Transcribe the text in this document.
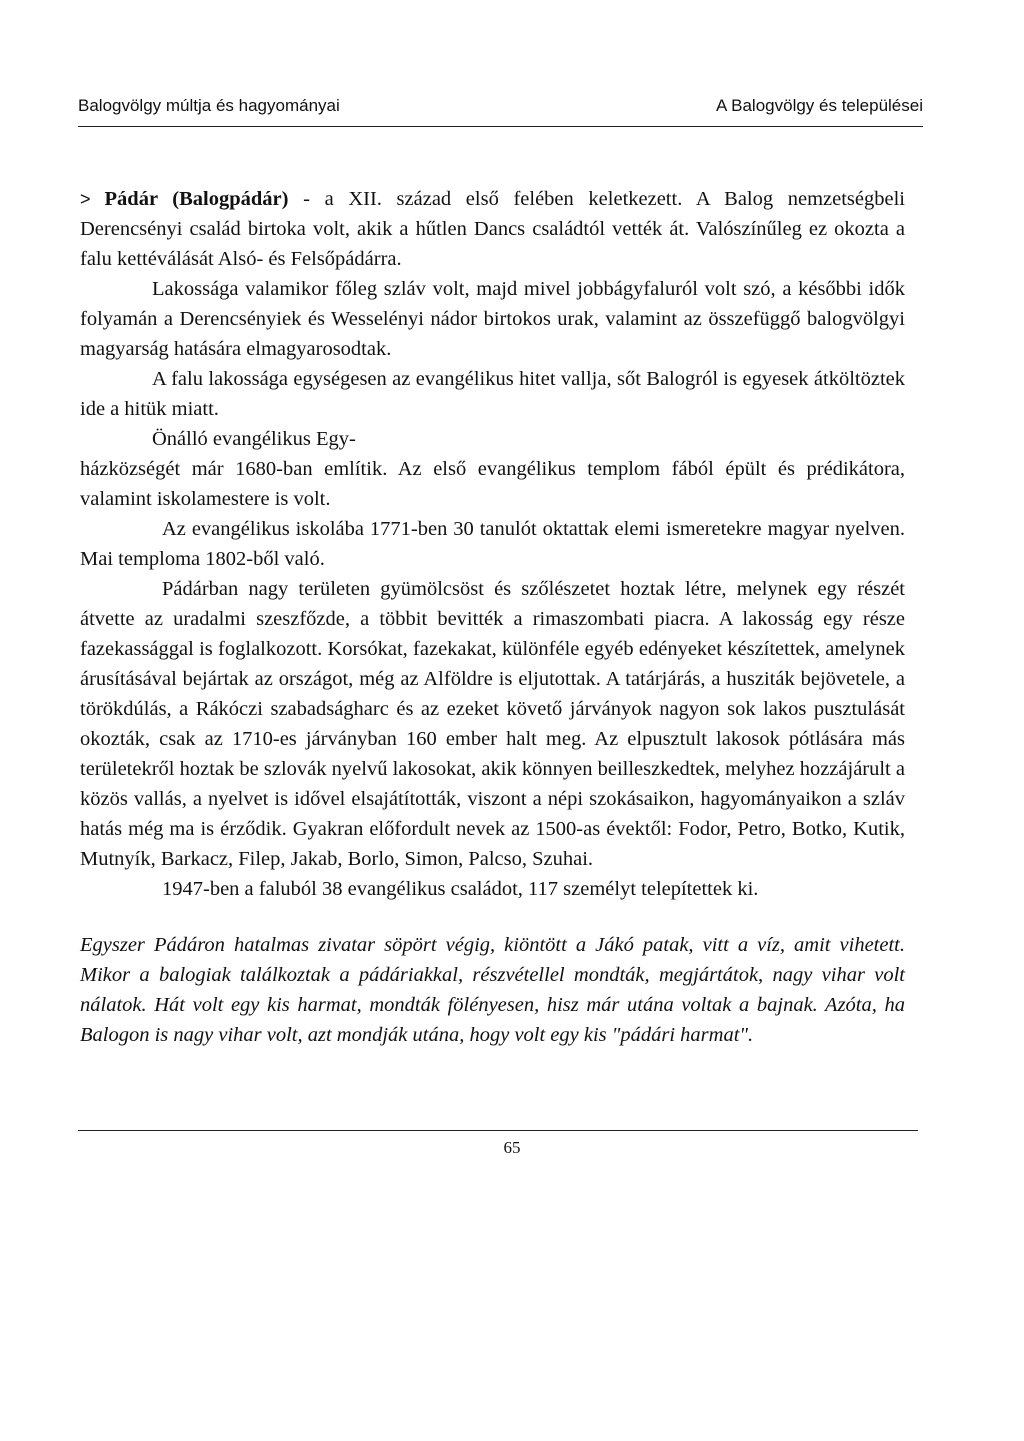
Balogvölgy múltja és hagyományai	A Balogvölgy és települései

> Pádár (Balogpádár) - a XII. század első felében keletkezett. A Balog nemzetségbeli Derencsényi család birtoka volt, akik a hűtlen Dancs családtól vették át. Valószínűleg ez okozta a falu kettéválását Alsó- és Felsőpádárra.

Lakossága valamikor főleg szláv volt, majd mivel jobbágyfaluról volt szó, a későbbi idők folyamán a Derencsényiek és Wesselényi nádor birtokos urak, valamint az összefüggő balogvölgyi magyarság hatására elmagyarosodtak.

A falu lakossága egységesen az evangélikus hitet vallja, sőt Balogról is egyesek átköltöztek ide a hitük miatt.

Önálló evangélikus Egy-

házközségét már 1680-ban említik. Az első evangélikus templom fából épült és prédikátora, valamint iskolamestere is volt.

Az evangélikus iskolába 1771-ben 30 tanulót oktattak elemi ismeretekre magyar nyelven. Mai temploma 1802-ből való.

Pádárban nagy területen gyümölcsöst és szőlészetet hoztak létre, melynek egy részét átvette az uradalmi szeszfőzde, a többit bevitték a rimaszombati piacra. A lakosság egy része fazekassággal is foglalkozott. Korsókat, fazekakat, különféle egyéb edényeket készítettek, amelynek árusításával bejártak az országot, még az Alföldre is eljutottak. A tatárjárás, a husziták bejövetele, a törökdúlás, a Rákóczi szabadságharc és az ezeket követő járványok nagyon sok lakos pusztulását okozták, csak az 1710-es járványban 160 ember halt meg. Az elpusztult lakosok pótlására más területekről hoztak be szlovák nyelvű lakosokat, akik könnyen beilleszkedtek, melyhez hozzájárult a közös vallás, a nyelvet is idővel elsajátították, viszont a népi szokásaikon, hagyományaikon a szláv hatás még ma is érződik. Gyakran előfordult nevek az 1500-as évektől: Fodor, Petro, Botko, Kutik, Mutnyík, Barkacz, Filep, Jakab, Borlo, Simon, Palcso, Szuhai.

1947-ben a faluból 38 evangélikus családot, 117 személyt telepítettek ki.

Egyszer Pádáron hatalmas zivatar söpört végig, kiöntött a Jákó patak, vitt a víz, amit vihetett. Mikor a balogiak találkoztak a pádáriakkal, részvétellel mondták, megjártátok, nagy vihar volt nálatok. Hát volt egy kis harmat, mondták fölényesen, hisz már utána voltak a bajnak. Azóta, ha Balogon is nagy vihar volt, azt mondják utána, hogy volt egy kis "pádári harmat".

65
